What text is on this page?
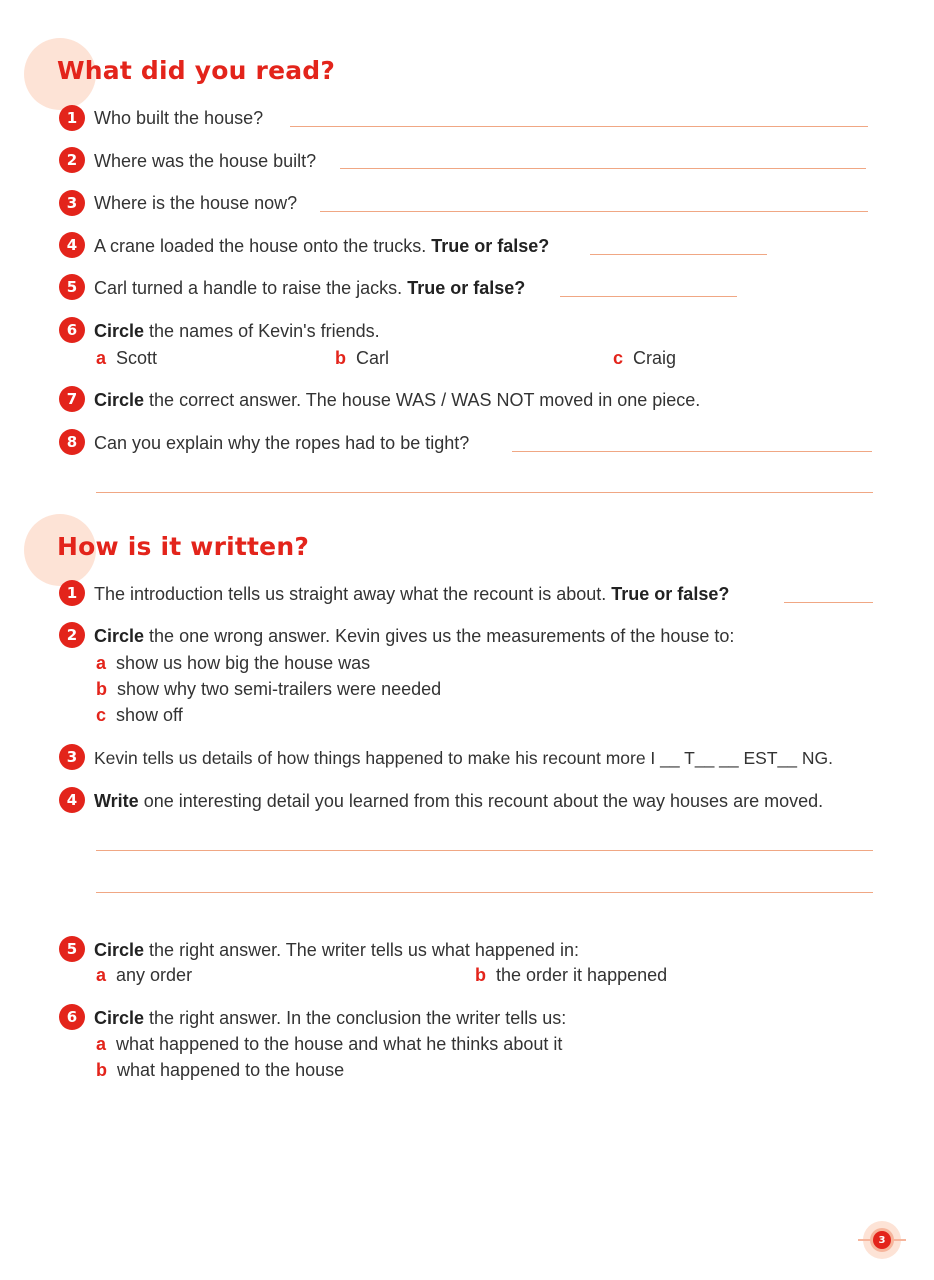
What did you read?
1 Who built the house?
2 Where was the house built?
3 Where is the house now?
4 A crane loaded the house onto the trucks. True or false?
5 Carl turned a handle to raise the jacks. True or false?
6 Circle the names of Kevin's friends.
a Scott	b Carl	c Craig
7 Circle the correct answer. The house WAS / WAS NOT moved in one piece.
8 Can you explain why the ropes had to be tight?
How is it written?
1 The introduction tells us straight away what the recount is about. True or false?
2 Circle the one wrong answer. Kevin gives us the measurements of the house to:
a show us how big the house was
b show why two semi-trailers were needed
c show off
3 Kevin tells us details of how things happened to make his recount more I __ T__ __ EST__ NG.
4 Write one interesting detail you learned from this recount about the way houses are moved.
5 Circle the right answer. The writer tells us what happened in:
a any order	b the order it happened
6 Circle the right answer. In the conclusion the writer tells us:
a what happened to the house and what he thinks about it
b what happened to the house
3
